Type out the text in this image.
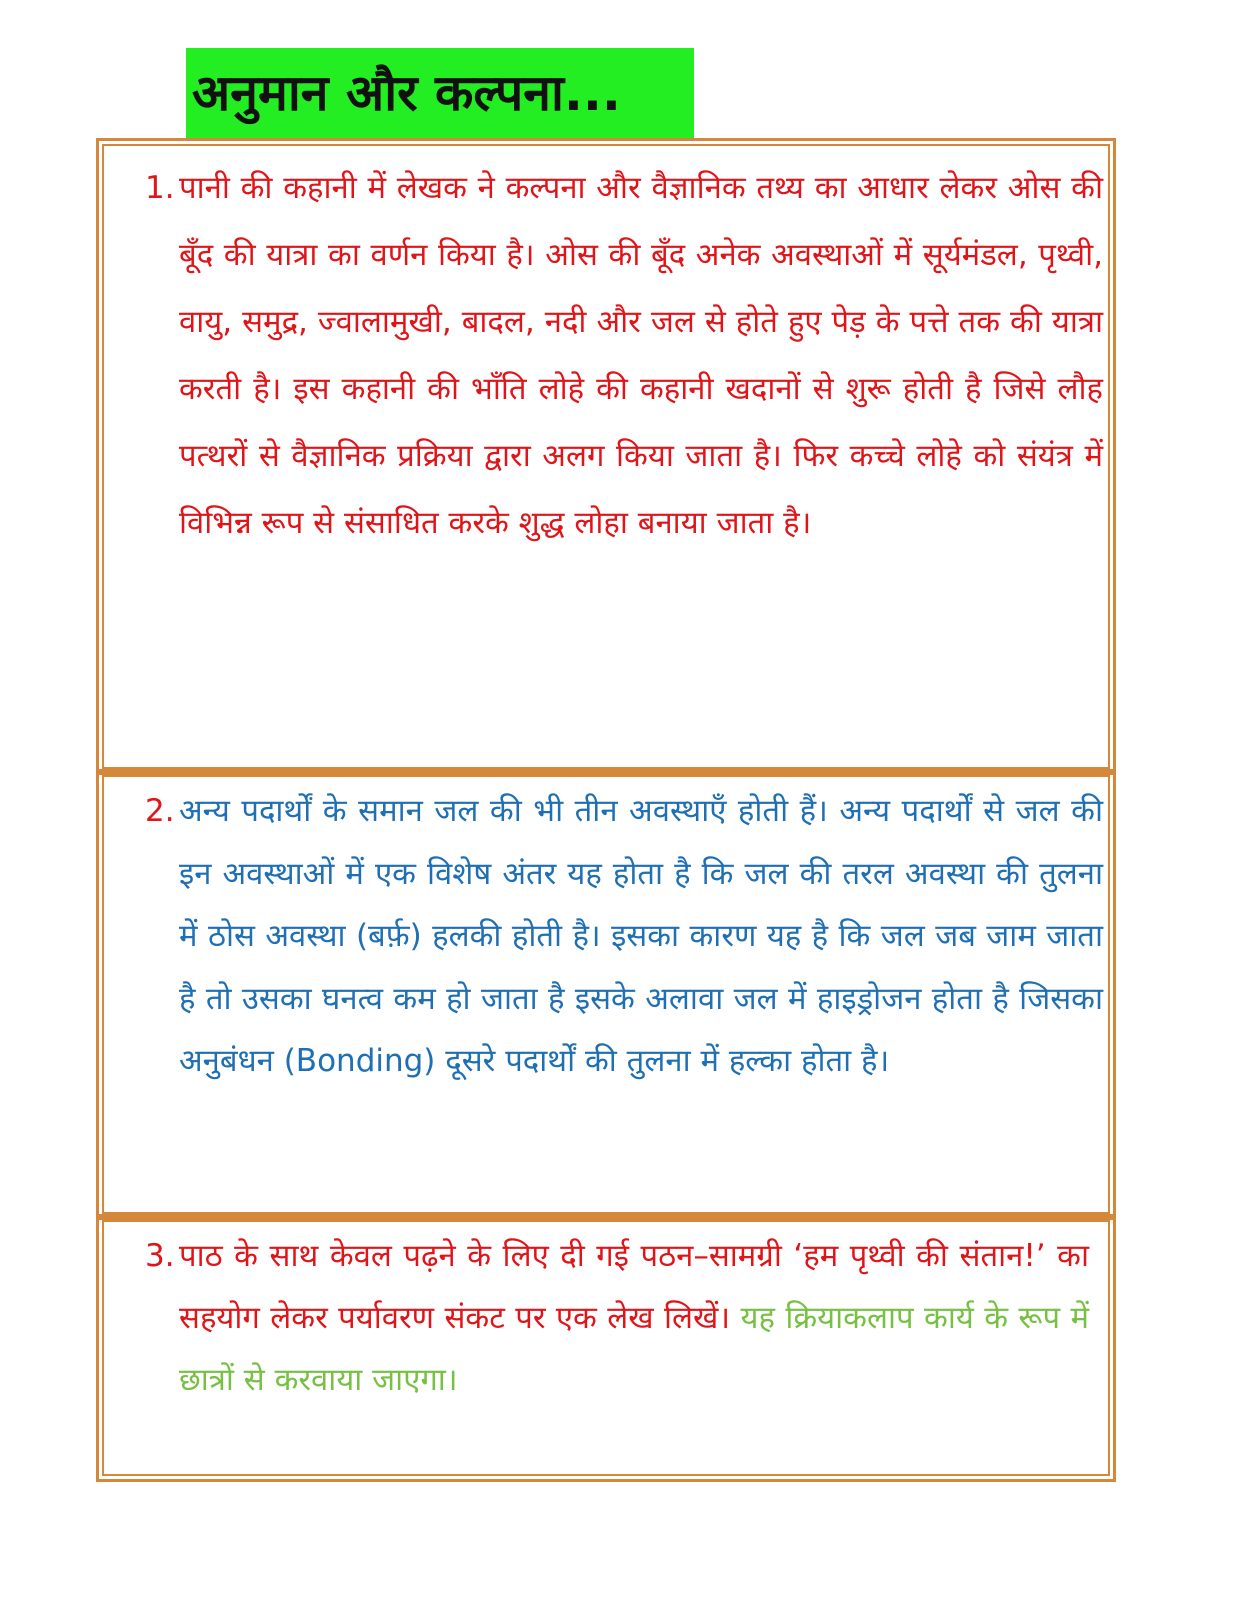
अनुमान और कल्पना...

1. पानी की कहानी में लेखक ने कल्पना और वैज्ञानिक तथ्य का आधार लेकर ओस की बूँद की यात्रा का वर्णन किया है। ओस की बूँद अनेक अवस्थाओं में सूर्यमंडल, पृथ्वी, वायु, समुद्र, ज्वालामुखी, बादल, नदी और जल से होते हुए पेड़ के पत्ते तक की यात्रा करती है। इस कहानी की भाँति लोहे की कहानी खदानों से शुरू होती है जिसे लौह पत्थरों से वैज्ञानिक प्रक्रिया द्वारा अलग किया जाता है। फिर कच्चे लोहे को संयंत्र में विभिन्न रूप से संसाधित करके शुद्ध लोहा बनाया जाता है।

2. अन्य पदार्थों के समान जल की भी तीन अवस्थाएँ होती हैं। अन्य पदार्थों से जल की इन अवस्थाओं में एक विशेष अंतर यह होता है कि जल की तरल अवस्था की तुलना में ठोस अवस्था (बर्फ़) हलकी होती है। इसका कारण यह है कि जल जब जाम जाता है तो उसका घनत्व कम हो जाता है इसके अलावा जल में हाइड्रोजन होता है जिसका अनुबंधन (Bonding) दूसरे पदार्थों की तुलना में हल्का होता है।

3. पाठ के साथ केवल पढ़ने के लिए दी गई पठन–सामग्री ‘हम पृथ्वी की संतान!’ का सहयोग लेकर पर्यावरण संकट पर एक लेख लिखें। यह क्रियाकलाप कार्य के रूप में छात्रों से करवाया जाएगा।
